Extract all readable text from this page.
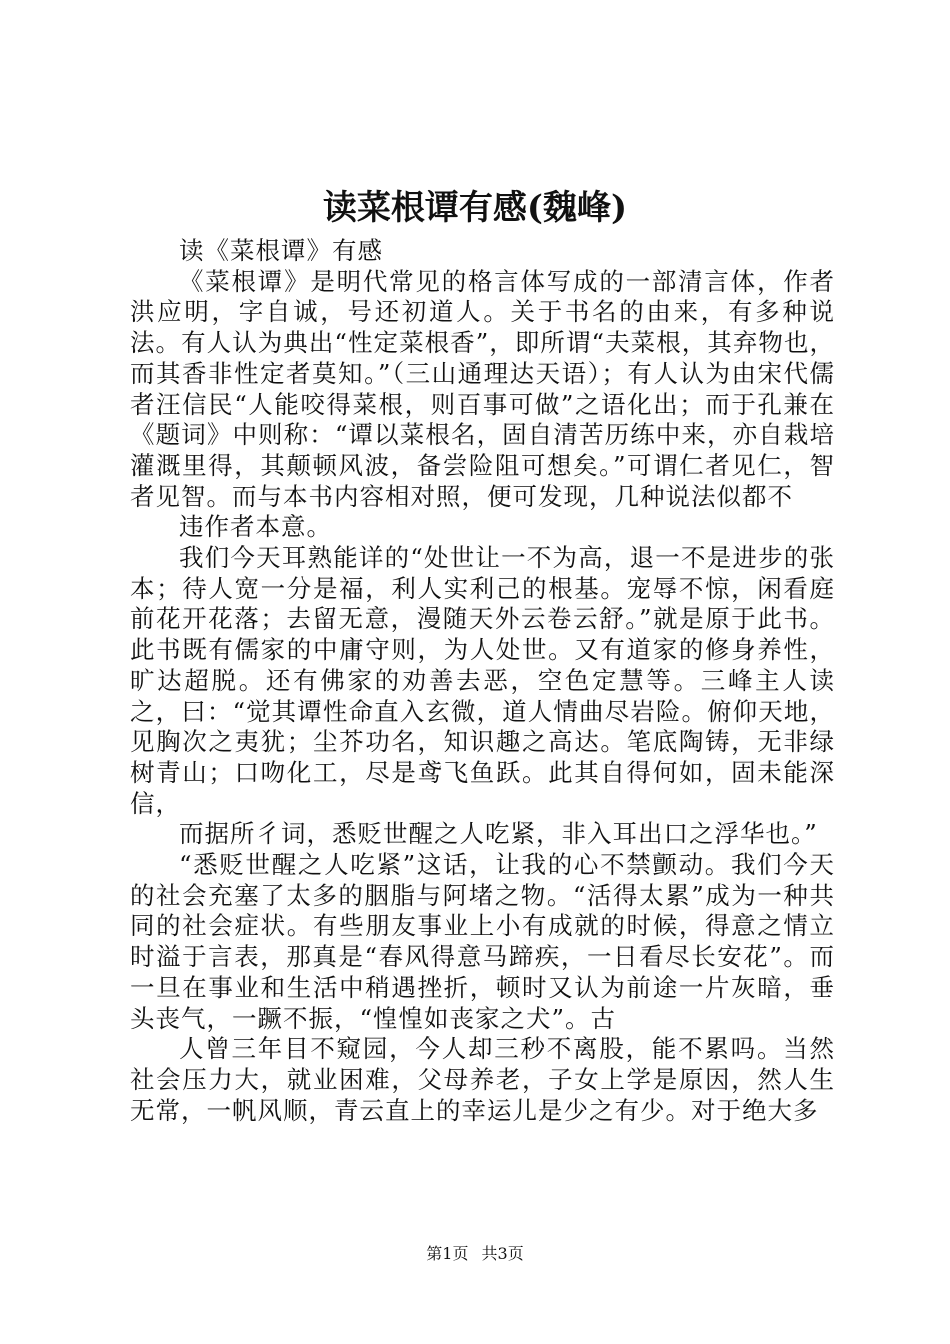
读菜根谭有感(魏峰)

读《菜根谭》有感

《菜根谭》是明代常见的格言体写成的一部清言体，作者洪应明，字自诚，号还初道人。关于书名的由来，有多种说法。有人认为典出“性定菜根香”，即所谓“夫菜根，其弃物也，而其香非性定者莫知。”（三山通理达天语）；有人认为由宋代儒者汪信民“人能咬得菜根，则百事可做”之语化出；而于孔兼在《题词》中则称：“谭以菜根名，固自清苦历练中来，亦自栽培灌溉里得，其颠顿风波，备尝险阻可想矣。”可谓仁者见仁，智者见智。而与本书内容相对照，便可发现，几种说法似都不

违作者本意。

我们今天耳熟能详的“处世让一不为高，退一不是进步的张本；待人宽一分是福，利人实利己的根基。宠辱不惊，闲看庭前花开花落；去留无意，漫随天外云卷云舒。”就是原于此书。此书既有儒家的中庸守则，为人处世。又有道家的修身养性，旷达超脱。还有佛家的劝善去恶，空色定慧等。三峰主人读之，曰：“觉其谭性命直入玄微，道人情曲尽岩险。俯仰天地，见胸次之夷犹；尘芥功名，知识趣之高达。笔底陶铸，无非绿树青山；口吻化工，尽是鸢飞鱼跃。此其自得何如，固未能深信，

而据所彳词，悉贬世醒之人吃紧，非入耳出口之浮华也。”

“悉贬世醒之人吃紧”这话，让我的心不禁颤动。我们今天的社会充塞了太多的胭脂与阿堵之物。“活得太累”成为一种共同的社会症状。有些朋友事业上小有成就的时候，得意之情立时溢于言表，那真是“春风得意马蹄疾，一日看尽长安花”。而一旦在事业和生活中稍遇挫折，顿时又认为前途一片灰暗，垂头丧气，一蹶不振，“惶惶如丧家之犬”。古

人曾三年目不窥园，今人却三秒不离股，能不累吗。当然社会压力大，就业困难，父母养老，子女上学是原因，然人生无常，一帆风顺，青云直上的幸运儿是少之有少。对于绝大多

第1页 共3页
